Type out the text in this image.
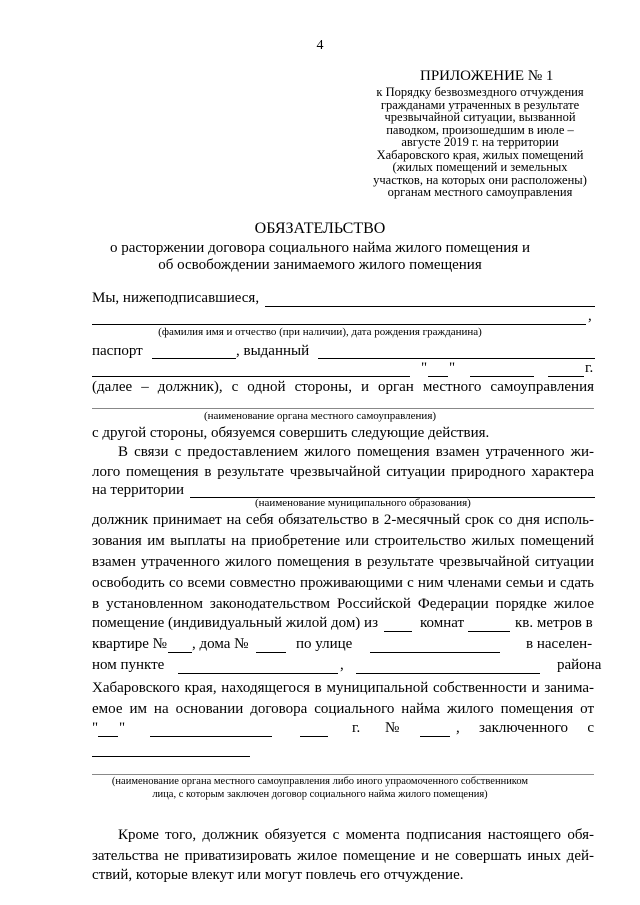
4
ПРИЛОЖЕНИЕ № 1
к Порядку безвозмездного отчуждения
гражданами утраченных в результате
чрезвычайной ситуации, вызванной
паводком, произошедшим в июле –
августе 2019 г. на территории
Хабаровского края, жилых помещений
(жилых помещений и земельных
участков, на которых они расположены)
органам местного самоуправления
ОБЯЗАТЕЛЬСТВО
о расторжении договора социального найма жилого помещения и
об освобождении занимаемого жилого помещения
Мы, нижеподписавшиеся,
,
(фамилия имя и отчество (при наличии), дата рождения гражданина)
паспорт	, выданный
" "	г.
(далее – должник), с одной стороны, и орган местного самоуправления
(наименование органа местного самоуправления)
с другой стороны, обязуемся совершить следующие действия.
В связи с предоставлением жилого помещения взамен утраченного жи-
лого помещения в результате чрезвычайной ситуации природного характера
на территории
(наименование муниципального образования)
должник принимает на себя обязательство в 2-месячный срок со дня исполь-
зования им выплаты на приобретение или строительство жилых помещений
взамен утраченного жилого помещения в результате чрезвычайной ситуации
освободить со всеми совместно проживающими с ним членами семьи и сдать
в установленном законодательством Российской Федерации порядке жилое
помещение (индивидуальный жилой дом) из	комнат	кв. метров в
квартире № , дома №	по улице	в населен-
ном пункте	,	района
Хабаровского края, находящегося в муниципальной собственности и занима-
емое им на основании договора социального найма жилого помещения от
" "	г. №	, заключенного с
(наименование органа местного самоуправления либо иного упраомоченного собственником
лица, с которым заключен договор социального найма жилого помещения)
Кроме того, должник обязуется с момента подписания настоящего обя-
зательства не приватизировать жилое помещение и не совершать иных дей-
ствий, которые влекут или могут повлечь его отчуждение.
